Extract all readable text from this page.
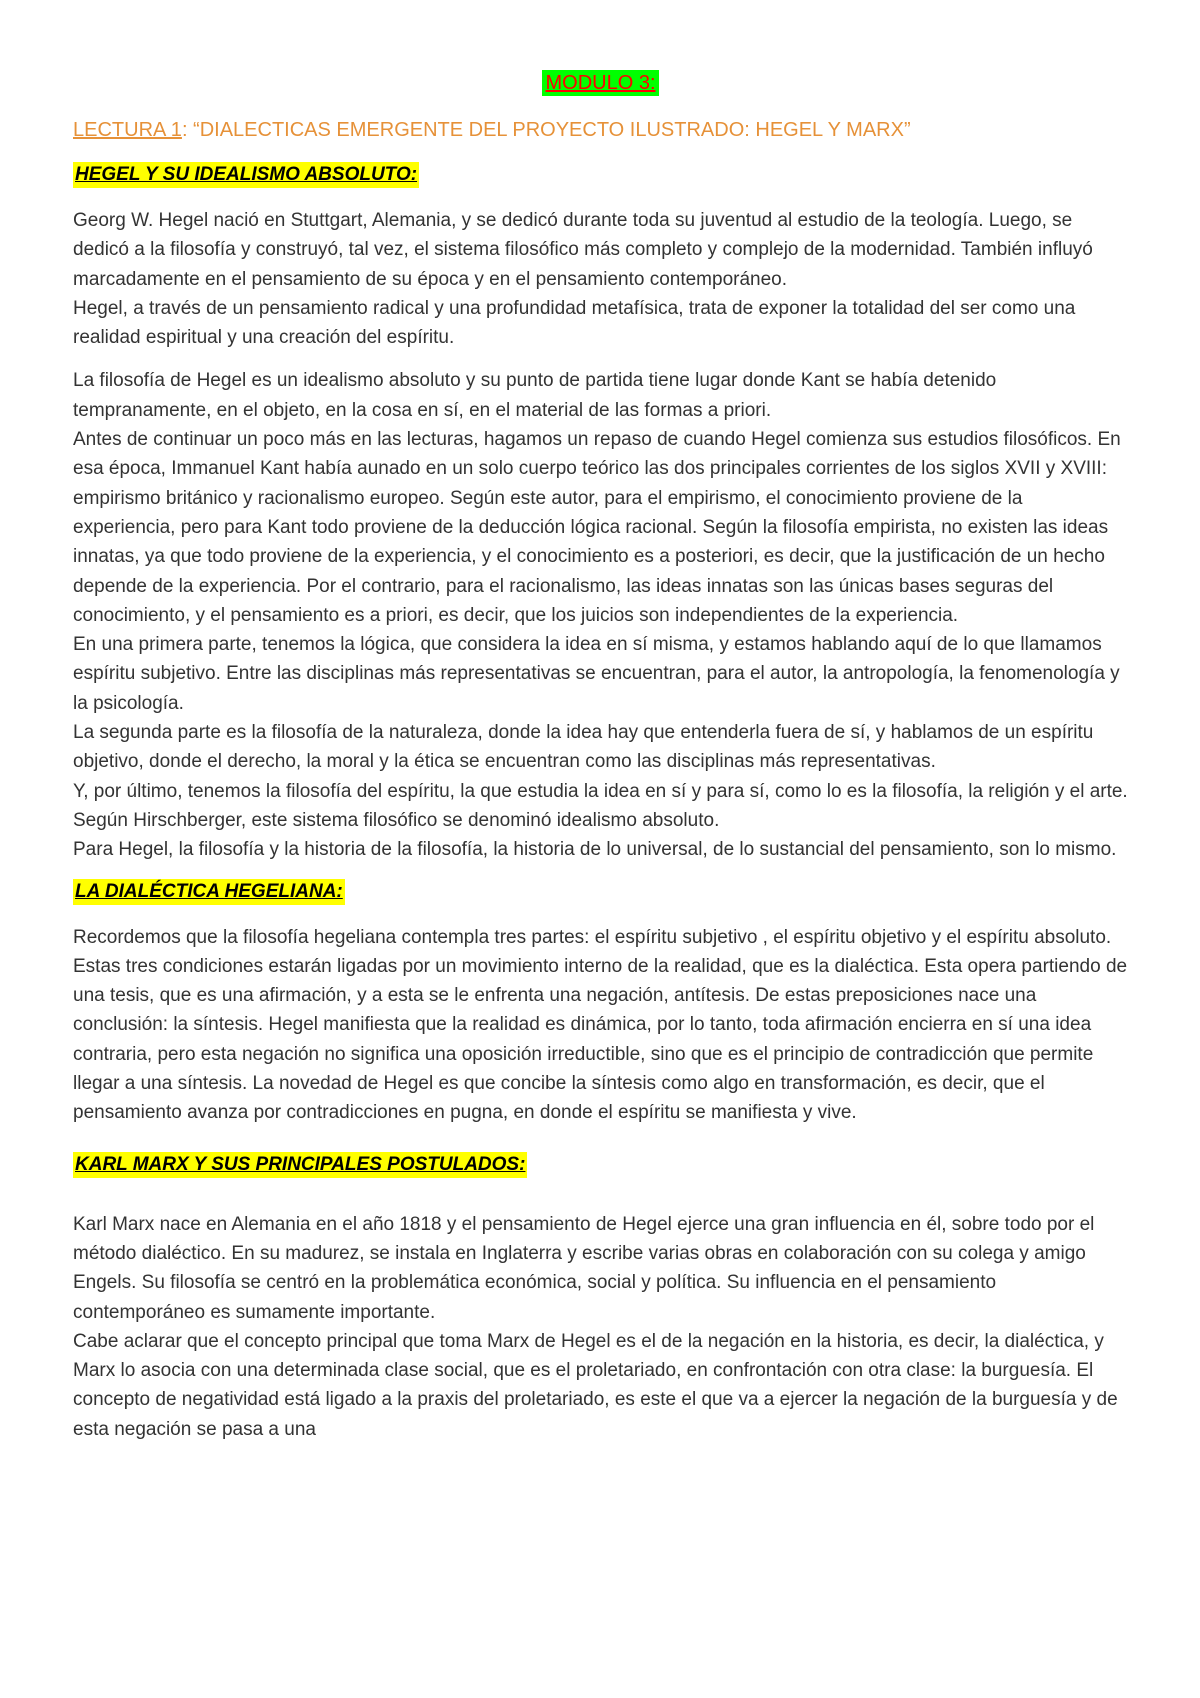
MODULO 3:
LECTURA 1: “DIALECTICAS EMERGENTE DEL PROYECTO ILUSTRADO: HEGEL Y MARX”
HEGEL Y SU IDEALISMO ABSOLUTO:

Georg W. Hegel nació en Stuttgart, Alemania, y se dedicó durante toda su juventud al estudio de la teología. Luego, se dedicó a la filosofía y construyó, tal vez, el sistema filosófico más completo y complejo de la modernidad. También influyó marcadamente en el pensamiento de su época y en el pensamiento contemporáneo.

Hegel, a través de un pensamiento radical y una profundidad metafísica, trata de exponer la totalidad del ser como una realidad espiritual y una creación del espíritu.

La filosofía de Hegel es un idealismo absoluto y su punto de partida tiene lugar donde Kant se había detenido tempranamente, en el objeto, en la cosa en sí, en el material de las formas a priori.

Antes de continuar un poco más en las lecturas, hagamos un repaso de cuando Hegel comienza sus estudios filosóficos. En esa época, Immanuel Kant había aunado en un solo cuerpo teórico las dos principales corrientes de los siglos XVII y XVIII: empirismo británico y racionalismo europeo. Según este autor, para el empirismo, el conocimiento proviene de la experiencia, pero para Kant todo proviene de la deducción lógica racional. Según la filosofía empirista, no existen las ideas innatas, ya que todo proviene de la experiencia, y el conocimiento es a posteriori, es decir, que la justificación de un hecho depende de la experiencia. Por el contrario, para el racionalismo, las ideas innatas son las únicas bases seguras del conocimiento, y el pensamiento es a priori, es decir, que los juicios son independientes de la experiencia.

En una primera parte, tenemos la lógica, que considera la idea en sí misma, y estamos hablando aquí de lo que llamamos espíritu subjetivo. Entre las disciplinas más representativas se encuentran, para el autor, la antropología, la fenomenología y la psicología.

La segunda parte es la filosofía de la naturaleza, donde la idea hay que entenderla fuera de sí, y hablamos de un espíritu objetivo, donde el derecho, la moral y la ética se encuentran como las disciplinas más representativas.

Y, por último, tenemos la filosofía del espíritu, la que estudia la idea en sí y para sí, como lo es la filosofía, la religión y el arte. Según Hirschberger, este sistema filosófico se denominó idealismo absoluto.

Para Hegel, la filosofía y la historia de la filosofía, la historia de lo universal, de lo sustancial del pensamiento, son lo mismo.

LA DIALÉCTICA HEGELIANA:

Recordemos que la filosofía hegeliana contempla tres partes: el espíritu subjetivo , el espíritu objetivo y el espíritu absoluto. Estas tres condiciones estarán ligadas por un movimiento interno de la realidad, que es la dialéctica. Esta opera partiendo de una tesis, que es una afirmación, y a esta se le enfrenta una negación, antítesis. De estas preposiciones nace una conclusión: la síntesis. Hegel manifiesta que la realidad es dinámica, por lo tanto, toda afirmación encierra en sí una idea contraria, pero esta negación no significa una oposición irreductible, sino que es el principio de contradicción que permite llegar a una síntesis. La novedad de Hegel es que concibe la síntesis como algo en transformación, es decir, que el pensamiento avanza por contradicciones en pugna, en donde el espíritu se manifiesta y vive.

KARL MARX Y SUS PRINCIPALES POSTULADOS:

Karl Marx nace en Alemania en el año 1818 y el pensamiento de Hegel ejerce una gran influencia en él, sobre todo por el método dialéctico. En su madurez, se instala en Inglaterra y escribe varias obras en colaboración con su colega y amigo Engels. Su filosofía se centró en la problemática económica, social y política. Su influencia en el pensamiento contemporáneo es sumamente importante.

Cabe aclarar que el concepto principal que toma Marx de Hegel es el de la negación en la historia, es decir, la dialéctica, y Marx lo asocia con una determinada clase social, que es el proletariado, en confrontación con otra clase: la burguesía. El concepto de negatividad está ligado a la praxis del proletariado, es este el que va a ejercer la negación de la burguesía y de esta negación se pasa a una
